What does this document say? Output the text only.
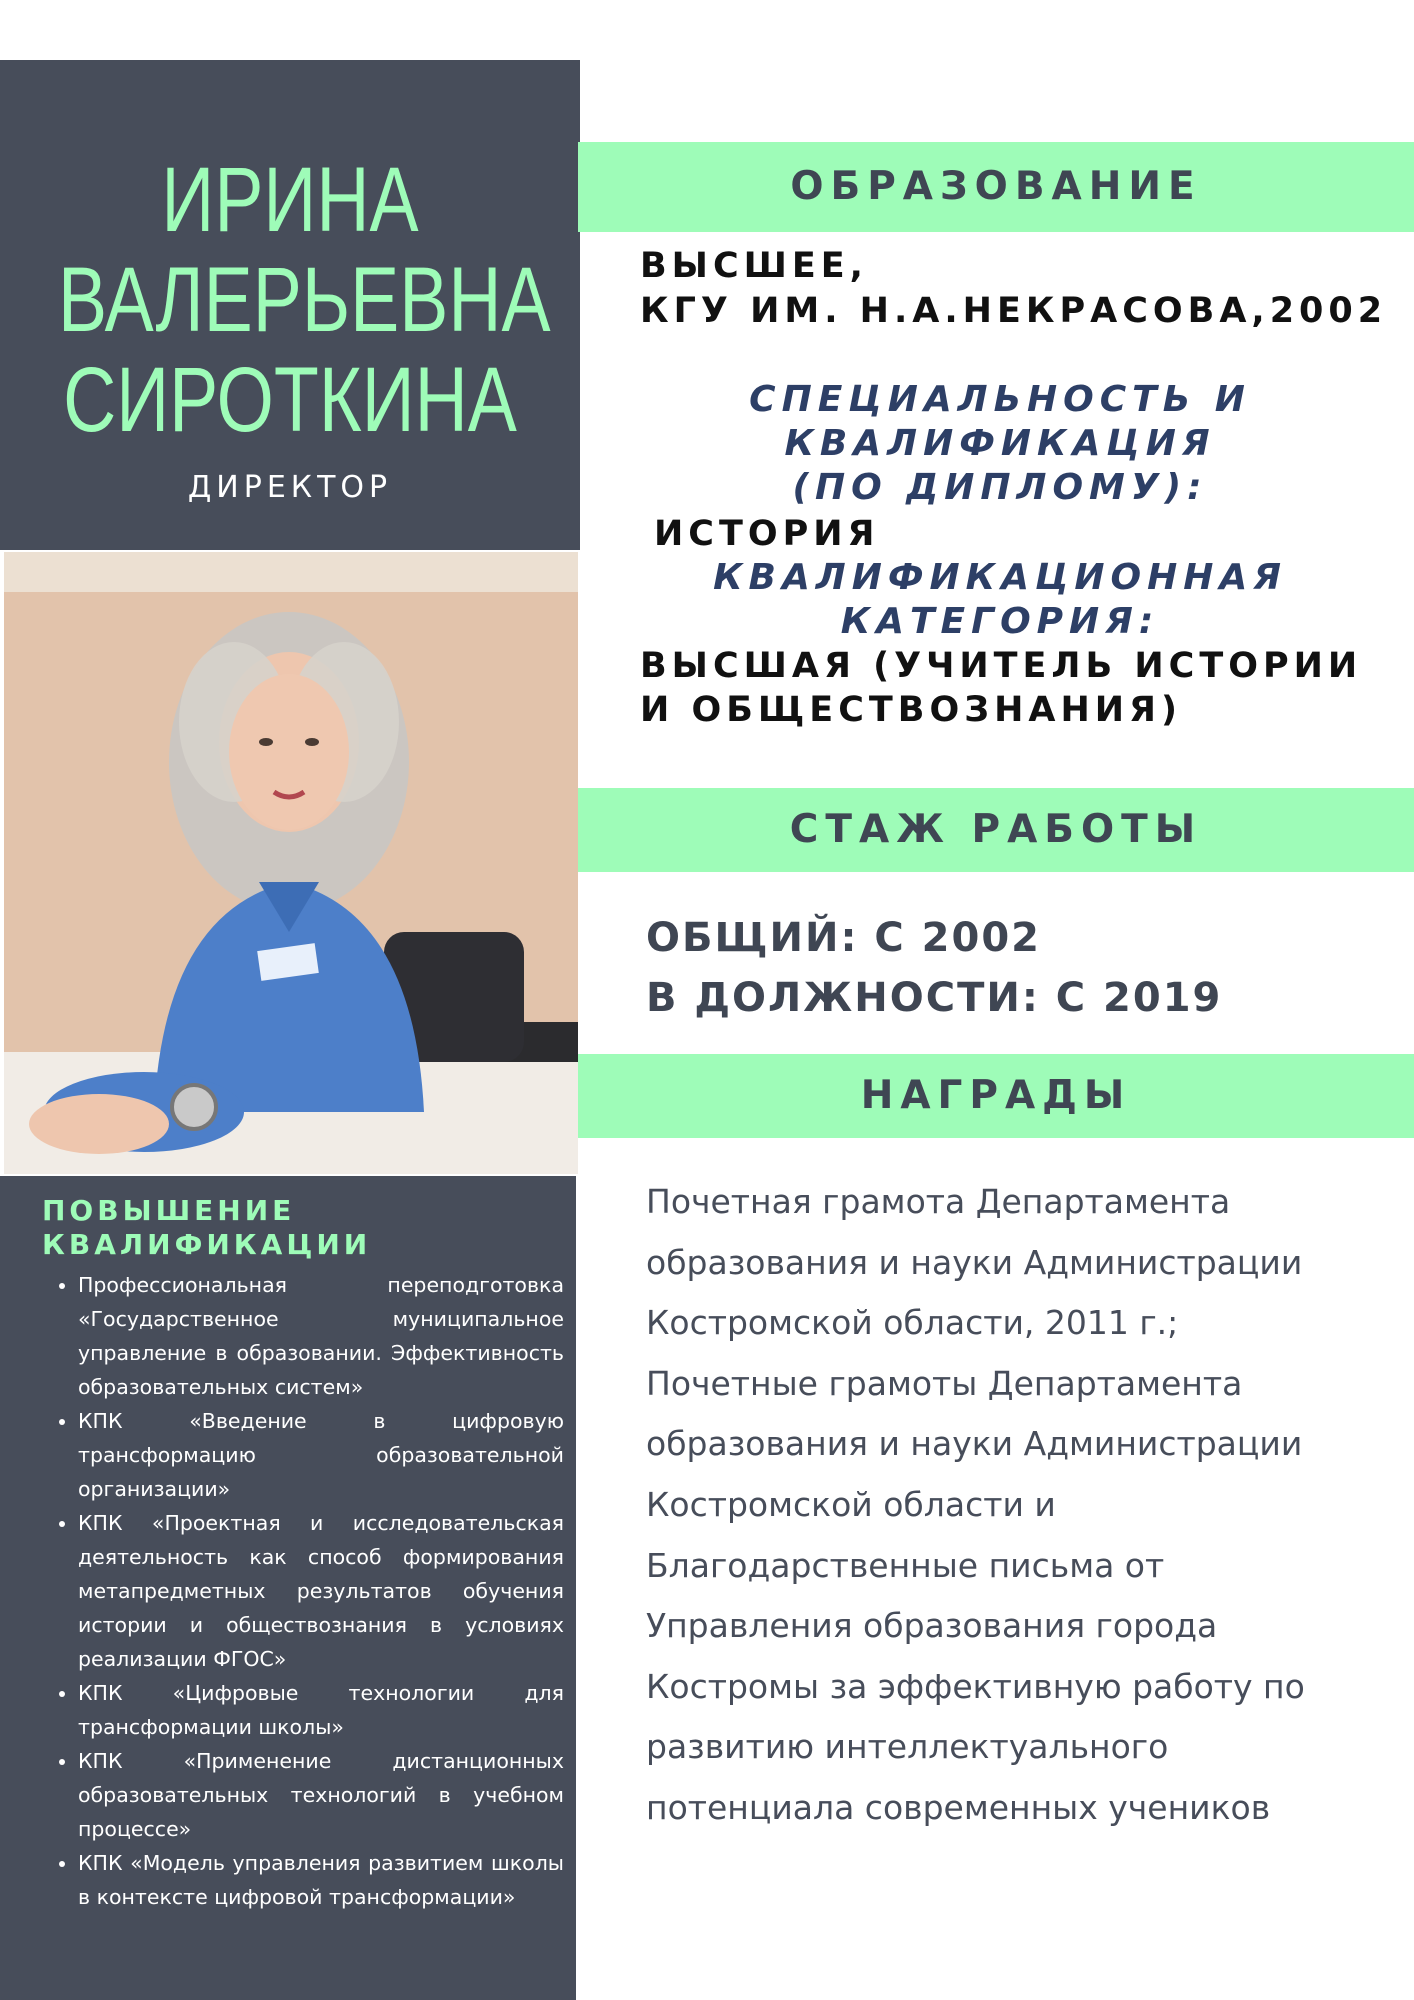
ИРИНА
ВАЛЕРЬЕВНА
СИРОТКИНА
ДИРЕКТОР
ПОВЫШЕНИЕ
КВАЛИФИКАЦИИ
• Профессиональная переподготовка «Государственное муниципальное управление в образовании. Эффективность образовательных систем»
• КПК «Введение в цифровую трансформацию образовательной организации»
• КПК «Проектная и исследовательская деятельность как способ формирования метапредметных результатов обучения истории и обществознания в условиях реализации ФГОС»
• КПК «Цифровые технологии для трансформации школы»
• КПК «Применение дистанционных образовательных технологий в учебном процессе»
• КПК «Модель управления развитием школы в контексте цифровой трансформации»
ОБРАЗОВАНИЕ
ВЫСШЕЕ,
КГУ ИМ. Н.А.НЕКРАСОВА,2002
СПЕЦИАЛЬНОСТЬ И
КВАЛИФИКАЦИЯ
(ПО ДИПЛОМУ):
ИСТОРИЯ
КВАЛИФИКАЦИОННАЯ
КАТЕГОРИЯ:
ВЫСШАЯ (УЧИТЕЛЬ ИСТОРИИ
И ОБЩЕСТВОЗНАНИЯ)
СТАЖ РАБОТЫ
ОБЩИЙ: С 2002
В ДОЛЖНОСТИ: С 2019
НАГРАДЫ
Почетная грамота Департамента
образования и науки Администрации
Костромской области, 2011 г.;
Почетные грамоты Департамента
образования и науки Администрации
Костромской области и
Благодарственные письма от
Управления образования города
Костромы за эффективную работу по
развитию интеллектуального
потенциала современных учеников
